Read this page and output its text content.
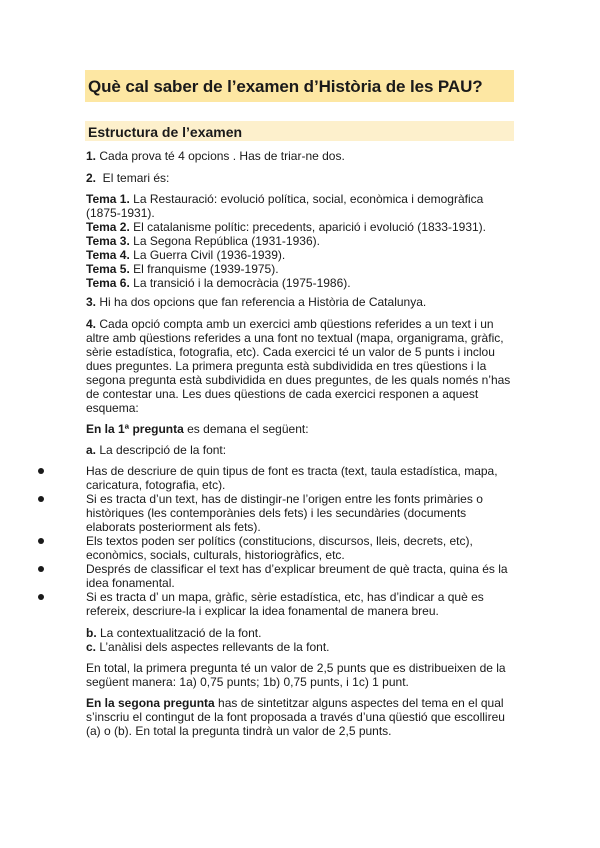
Què cal saber de l’examen d’Història de les PAU?
Estructura de l’examen

1. Cada prova té 4 opcions . Has de triar-ne dos.

2.  El temari és:

Tema 1. La Restauració: evolució política, social, econòmica i demogràfica (1875-1931).

Tema 2. El catalanisme polític: precedents, aparició i evolució (1833-1931).

Tema 3. La Segona República (1931-1936).

Tema 4. La Guerra Civil (1936-1939).

Tema 5. El franquisme (1939-1975).

Tema 6. La transició i la democràcia (1975-1986).

3. Hi ha dos opcions que fan referencia a Història de Catalunya.

4. Cada opció compta amb un exercici amb qüestions referides a un text i un altre amb qüestions referides a una font no textual (mapa, organigrama, gràfic, sèrie estadística, fotografia, etc). Cada exercici té un valor de 5 punts i inclou dues preguntes. La primera pregunta està subdividida en tres qüestions i la segona pregunta està subdividida en dues preguntes, de les quals només n’has de contestar una. Les dues qüestions de cada exercici responen a aquest esquema:

En la 1ª pregunta es demana el següent:

a. La descripció de la font:

Has de descriure de quin tipus de font es tracta (text, taula estadística, mapa, caricatura, fotografia, etc).

Si es tracta d’un text, has de distingir-ne l’origen entre les fonts primàries o històriques (les contemporànies dels fets) i les secundàries (documents elaborats posteriorment als fets).

Els textos poden ser polítics (constitucions, discursos, lleis, decrets, etc), econòmics, socials, culturals, historiogràfics, etc.

Després de classificar el text has d’explicar breument de què tracta, quina és la idea fonamental.

Si es tracta d’ un mapa, gràfic, sèrie estadística, etc, has d’indicar a què es refereix, descriure-la i explicar la idea fonamental de manera breu.

b. La contextualització de la font.

c. L’anàlisi dels aspectes rellevants de la font.

En total, la primera pregunta té un valor de 2,5 punts que es distribueixen de la següent manera: 1a) 0,75 punts; 1b) 0,75 punts, i 1c) 1 punt.

En la segona pregunta has de sintetitzar alguns aspectes del tema en el qual s’inscriu el contingut de la font proposada a través d’una qüestió que escollireu (a) o (b). En total la pregunta tindrà un valor de 2,5 punts.
